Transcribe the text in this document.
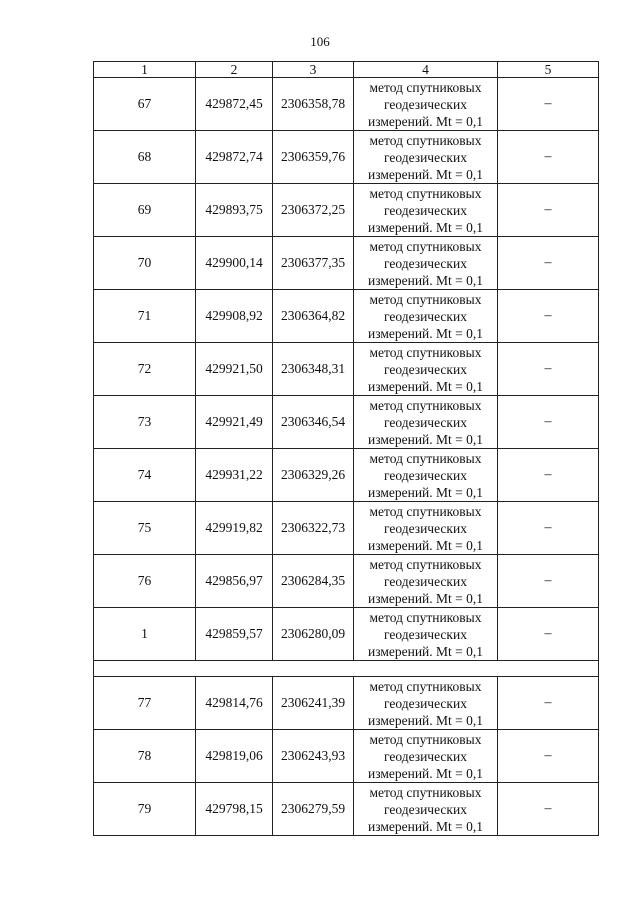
106
1	2	3	4	5
67	429872,45	2306358,78	метод спутниковых
геодезических
измерений. Mt = 0,1	–
68	429872,74	2306359,76	метод спутниковых
геодезических
измерений. Mt = 0,1	–
69	429893,75	2306372,25	метод спутниковых
геодезических
измерений. Mt = 0,1	–
70	429900,14	2306377,35	метод спутниковых
геодезических
измерений. Mt = 0,1	–
71	429908,92	2306364,82	метод спутниковых
геодезических
измерений. Mt = 0,1	–
72	429921,50	2306348,31	метод спутниковых
геодезических
измерений. Mt = 0,1	–
73	429921,49	2306346,54	метод спутниковых
геодезических
измерений. Mt = 0,1	–
74	429931,22	2306329,26	метод спутниковых
геодезических
измерений. Mt = 0,1	–
75	429919,82	2306322,73	метод спутниковых
геодезических
измерений. Mt = 0,1	–
76	429856,97	2306284,35	метод спутниковых
геодезических
измерений. Mt = 0,1	–
1	429859,57	2306280,09	метод спутниковых
геодезических
измерений. Mt = 0,1	–

77	429814,76	2306241,39	метод спутниковых
геодезических
измерений. Mt = 0,1	–
78	429819,06	2306243,93	метод спутниковых
геодезических
измерений. Mt = 0,1	–
79	429798,15	2306279,59	метод спутниковых
геодезических
измерений. Mt = 0,1	–
